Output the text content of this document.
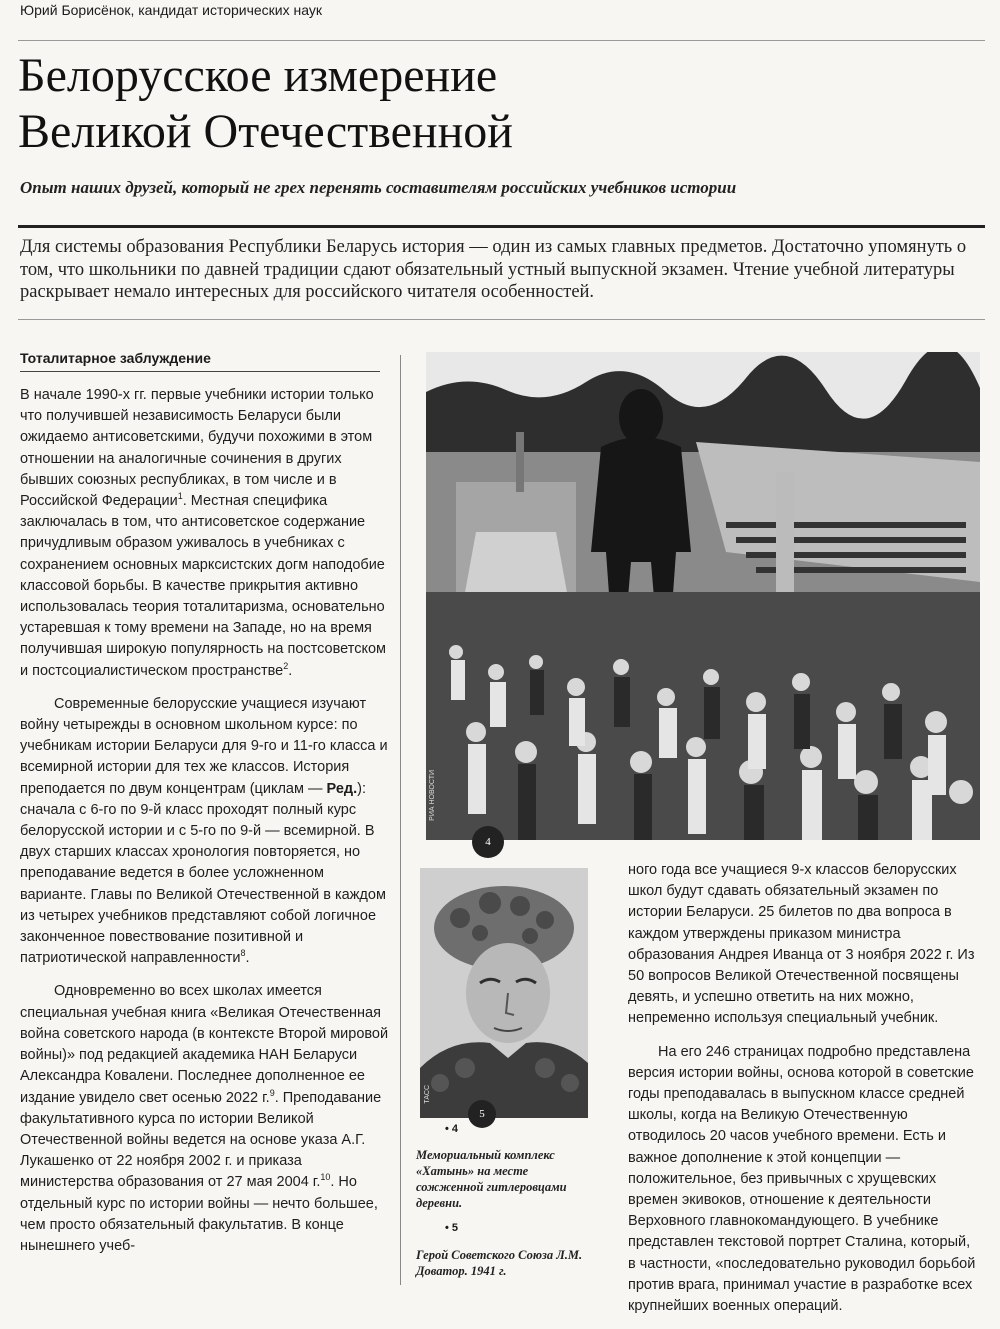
Юрий Борисёнок, кандидат исторических наук
Белорусское измерение
Великой Отечественной
Опыт наших друзей, который не грех перенять составителям российских учебников истории

Для системы образования Республики Беларусь история — один из самых главных предметов. Достаточно упомянуть о том, что школьники по давней традиции сдают обязательный устный выпускной экзамен. Чтение учебной литературы раскрывает немало интересных для российского читателя особенностей.

Тоталитарное заблуждение

В начале 1990-х гг. первые учебники истории только что получившей независимость Беларуси были ожидаемо антисоветскими, будучи похожими в этом отношении на аналогичные сочинения в других бывших союзных республиках, в том числе и в Российской Федерации$^1$. Местная специфика заключалась в том, что антисоветское содержание причудливым образом уживалось в учебниках с сохранением основных марксистских догм наподобие классовой борьбы. В качестве прикрытия активно использовалась теория тоталитаризма, основательно устаревшая к тому времени на Западе, но на время получившая широкую популярность на постсоветском и постсоциалистическом пространстве$^2$.

Современные белорусские учащиеся изучают войну четырежды в основном школьном курсе: по учебникам истории Беларуси для 9-го и 11-го класса и всемирной истории для тех же классов. История преподается по двум концентрам (циклам — Ред.): сначала с 6-го по 9-й класс проходят полный курс белорусской истории и с 5-го по 9-й — всемирной. В двух старших классах хронология повторяется, но преподавание ведется в более усложненном варианте. Главы по Великой Отечественной в каждом из четырех учебников представляют собой логичное законченное повествование позитивной и патриотической направленности$^8$.

Одновременно во всех школах имеется специальная учебная книга «Великая Отечественная война советского народа (в контексте Второй мировой войны)» под редакцией академика НАН Беларуси Александра Ковалени. Последнее дополненное ее издание увидело свет осенью 2022 г.$^9$. Преподавание факультативного курса по истории Великой Отечественной войны ведется на основе указа А.Г. Лукашенко от 22 ноября 2002 г. и приказа министерства образования от 27 мая 2004 г.$^{10}$. Но отдельный курс по истории войны — нечто большее, чем просто обязательный факультатив. В конце нынешнего учеб-

РИА НОВОСТИ
4
ТАСС
5
• 4
Мемориальный комплекс «Хатынь» на месте сожженной гитлеровцами деревни.
• 5
Герой Советского Союза Л.М. Доватор. 1941 г.

ного года все учащиеся 9-х классов белорусских школ будут сдавать обязательный экзамен по истории Беларуси. 25 билетов по два вопроса в каждом утверждены приказом министра образования Андрея Иванца от 3 ноября 2022 г. Из 50 вопросов Великой Отечественной посвящены девять, и успешно ответить на них можно, непременно используя специальный учебник.

На его 246 страницах подробно представлена версия истории войны, основа которой в советские годы преподавалась в выпускном классе средней школы, когда на Великую Отечественную отводилось 20 часов учебного времени. Есть и важное дополнение к этой концепции — положительное, без привычных с хрущевских времен экивоков, отношение к деятельности Верховного главнокомандующего. В учебнике представлен текстовой портрет Сталина, который, в частности, «последовательно руководил борьбой против врага, принимал участие в разработке всех крупнейших военных операций.
